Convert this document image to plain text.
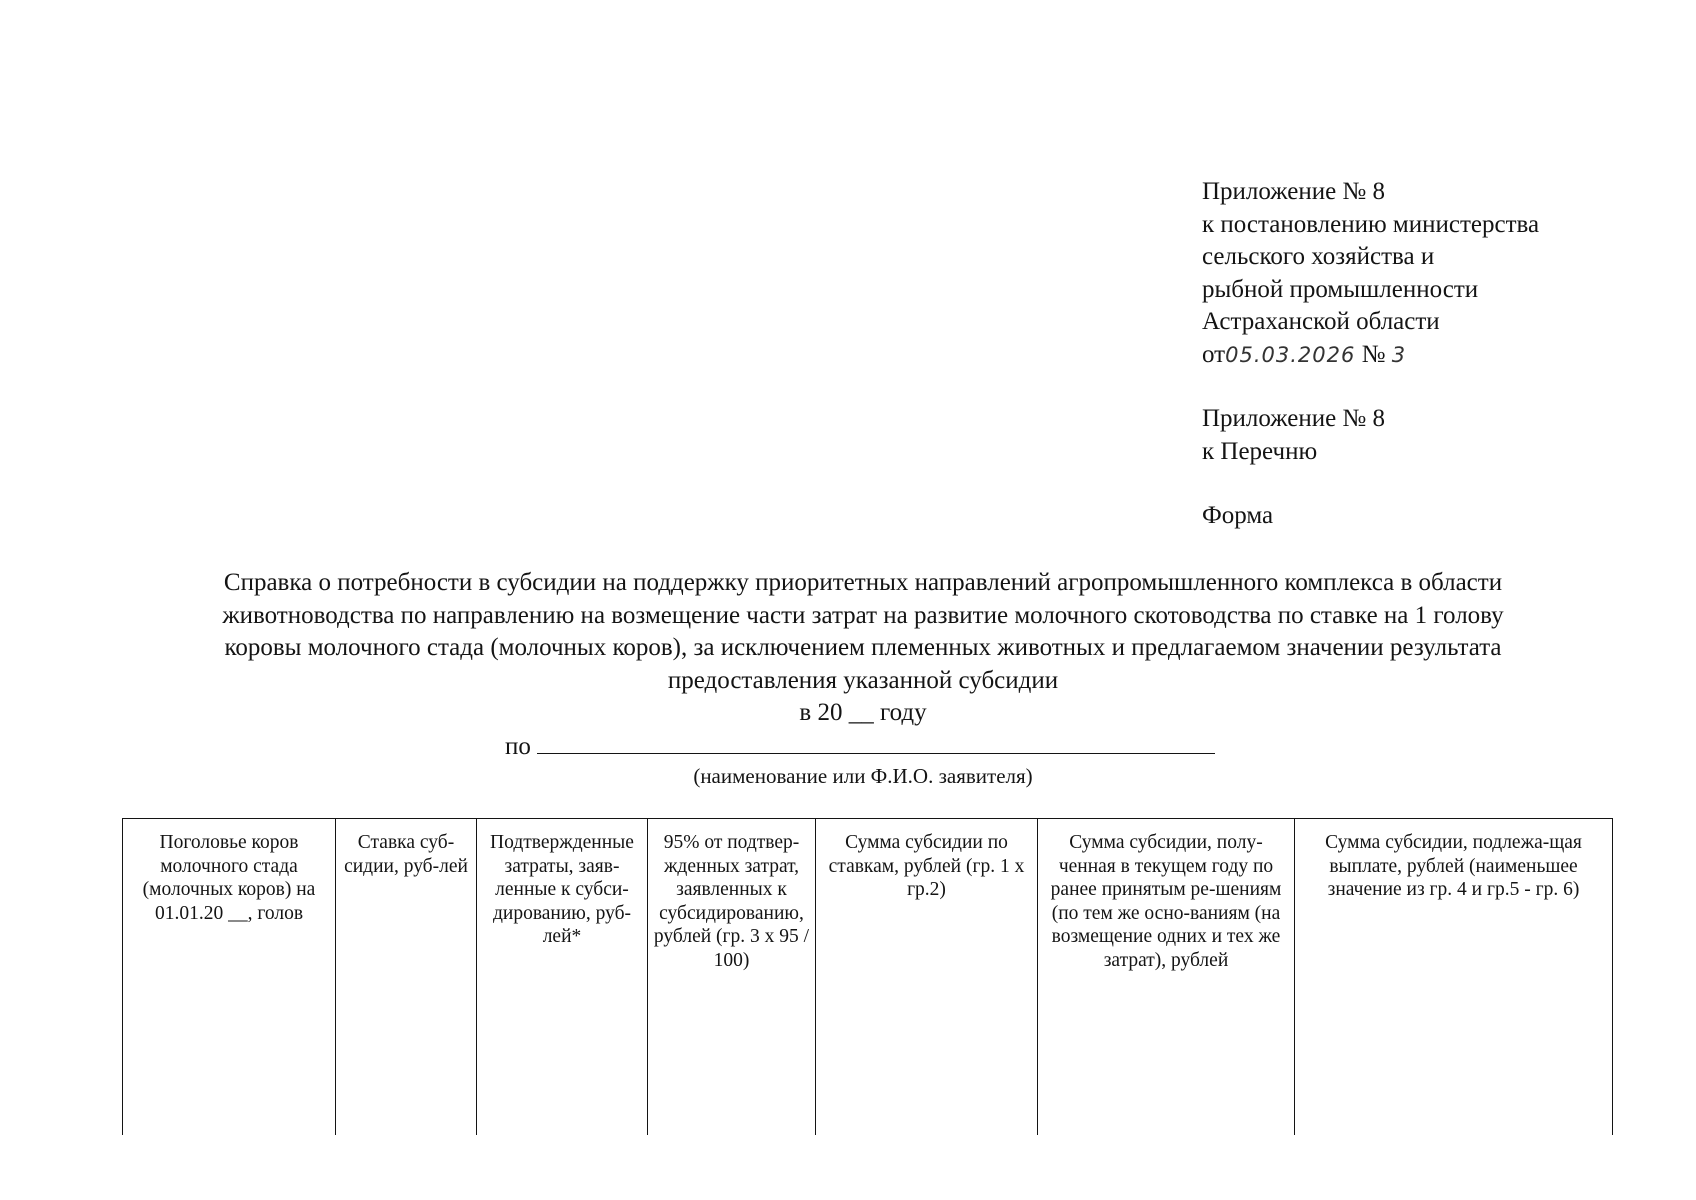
Приложение № 8
к постановлению министерства
сельского хозяйства и
рыбной промышленности
Астраханской области
от05.03.2026 № 3
Приложение № 8
к Перечню
Форма
Справка о потребности в субсидии на поддержку приоритетных направлений агропромышленного комплекса в области
животноводства по направлению на возмещение части затрат на развитие молочного скотоводства по ставке на 1 голову
коровы молочного стада (молочных коров), за исключением племенных животных и предлагаемом значении результата
предоставления указанной субсидии
в 20 __ году
по
(наименование или Ф.И.О. заявителя)
Поголовье коров молочного стада (молочных коров) на 01.01.20 __, голов	Ставка суб-сидии, руб-лей	Подтвержденные затраты, заяв-ленные к субси-дированию, руб-лей*	95% от подтвер-жденных затрат, заявленных к субсидированию, рублей (гр. 3 х 95 / 100)	Сумма субсидии по ставкам, рублей (гр. 1 х гр.2)	Сумма субсидии, полу-ченная в текущем году по ранее принятым ре-шениям (по тем же осно-ваниям (на возмещение одних и тех же затрат), рублей	Сумма субсидии, подлежа-щая выплате, рублей (наименьшее значение из гр. 4 и гр.5 - гр. 6)
